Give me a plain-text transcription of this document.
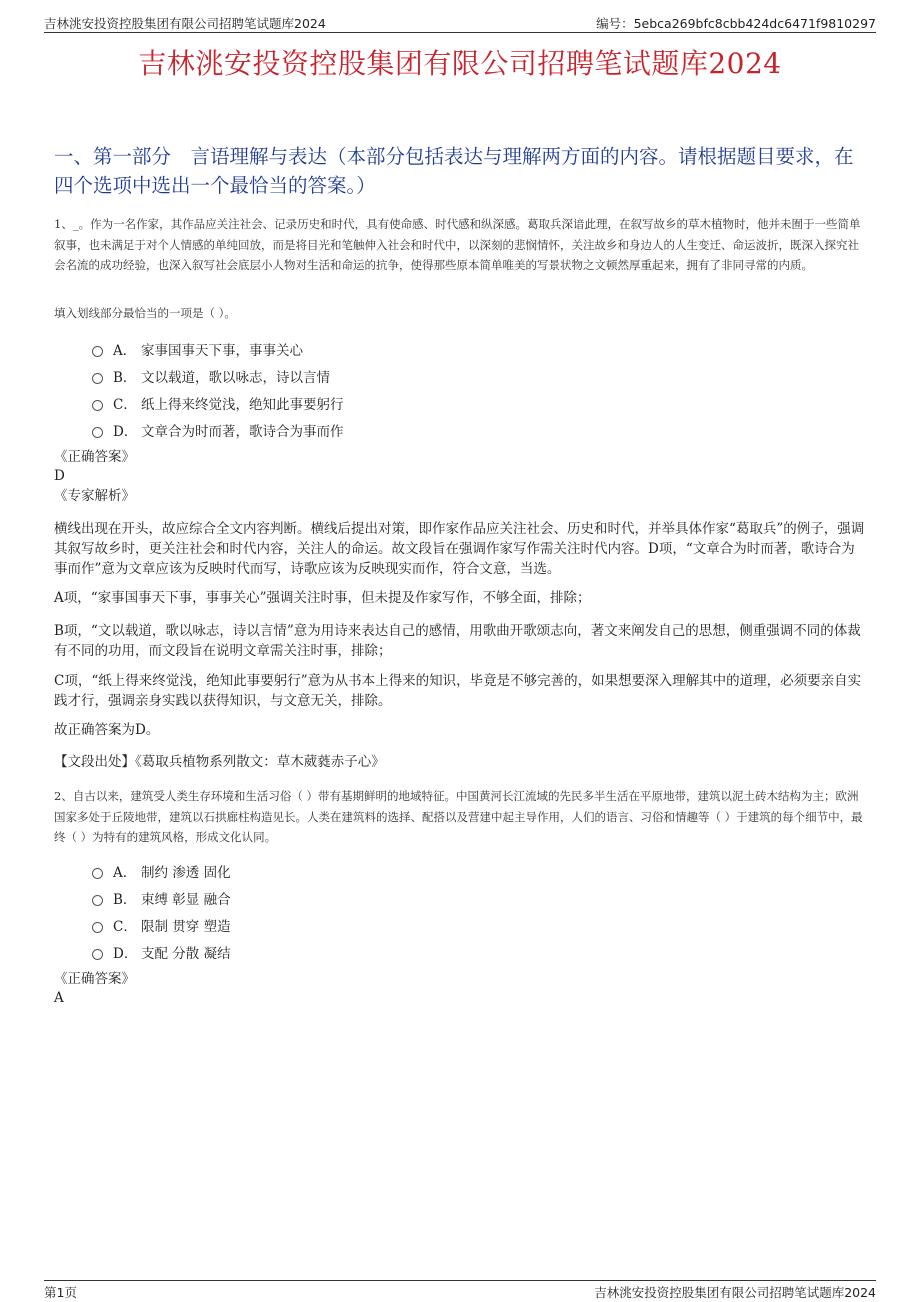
吉林洮安投资控股集团有限公司招聘笔试题库2024	编号：5ebca269bfc8cbb424dc6471f9810297
吉林洮安投资控股集团有限公司招聘笔试题库2024
一、第一部分　言语理解与表达（本部分包括表达与理解两方面的内容。请根据题目要求，在四个选项中选出一个最恰当的答案。）
1、_。作为一名作家，其作品应关注社会、记录历史和时代，具有使命感、时代感和纵深感。葛取兵深谙此理，在叙写故乡的草木植物时，他并未囿于一些简单叙事，也未满足于对个人情感的单纯回放，而是将目光和笔触伸入社会和时代中，以深刻的悲悯情怀，关注故乡和身边人的人生变迁、命运波折，既深入探究社会名流的成功经验，也深入叙写社会底层小人物对生活和命运的抗争，使得那些原本简单唯美的写景状物之文顿然厚重起来，拥有了非同寻常的内质。
填入划线部分最恰当的一项是（ ）。
A． 家事国事天下事，事事关心
B． 文以载道，歌以咏志，诗以言情
C． 纸上得来终觉浅，绝知此事要躬行
D． 文章合为时而著，歌诗合为事而作
《正确答案》
D
《专家解析》
横线出现在开头，故应综合全文内容判断。横线后提出对策，即作家作品应关注社会、历史和时代，并举具体作家“葛取兵”的例子，强调其叙写故乡时，更关注社会和时代内容，关注人的命运。故文段旨在强调作家写作需关注时代内容。D项，“文章合为时而著，歌诗合为事而作”意为文章应该为反映时代而写，诗歌应该为反映现实而作，符合文意，当选。
A项，“家事国事天下事，事事关心”强调关注时事，但未提及作家写作，不够全面，排除；
B项，“文以载道，歌以咏志，诗以言情”意为用诗来表达自己的感情，用歌曲开歌颂志向，著文来阐发自己的思想，侧重强调不同的体裁有不同的功用，而文段旨在说明文章需关注时事，排除；
C项，“纸上得来终觉浅，绝知此事要躬行”意为从书本上得来的知识，毕竟是不够完善的，如果想要深入理解其中的道理，必须要亲自实践才行，强调亲身实践以获得知识，与文意无关，排除。
故正确答案为D。
【文段出处】《葛取兵植物系列散文：草木葳蕤赤子心》
2、自古以来，建筑受人类生存环境和生活习俗（ ）带有基期鲜明的地域特征。中国黄河长江流域的先民多半生活在平原地带，建筑以泥土砖木结构为主；欧洲国家多处于丘陵地带，建筑以石拱廊柱构造见长。人类在建筑料的选择、配搭以及营建中起主导作用，人们的语言、习俗和情趣等（ ）于建筑的每个细节中，最终（ ）为特有的建筑风格，形成文化认同。
A． 制约 渗透 固化
B． 束缚 彰显 融合
C． 限制 贯穿 塑造
D． 支配 分散 凝结
《正确答案》
A
第1页	吉林洮安投资控股集团有限公司招聘笔试题库2024
